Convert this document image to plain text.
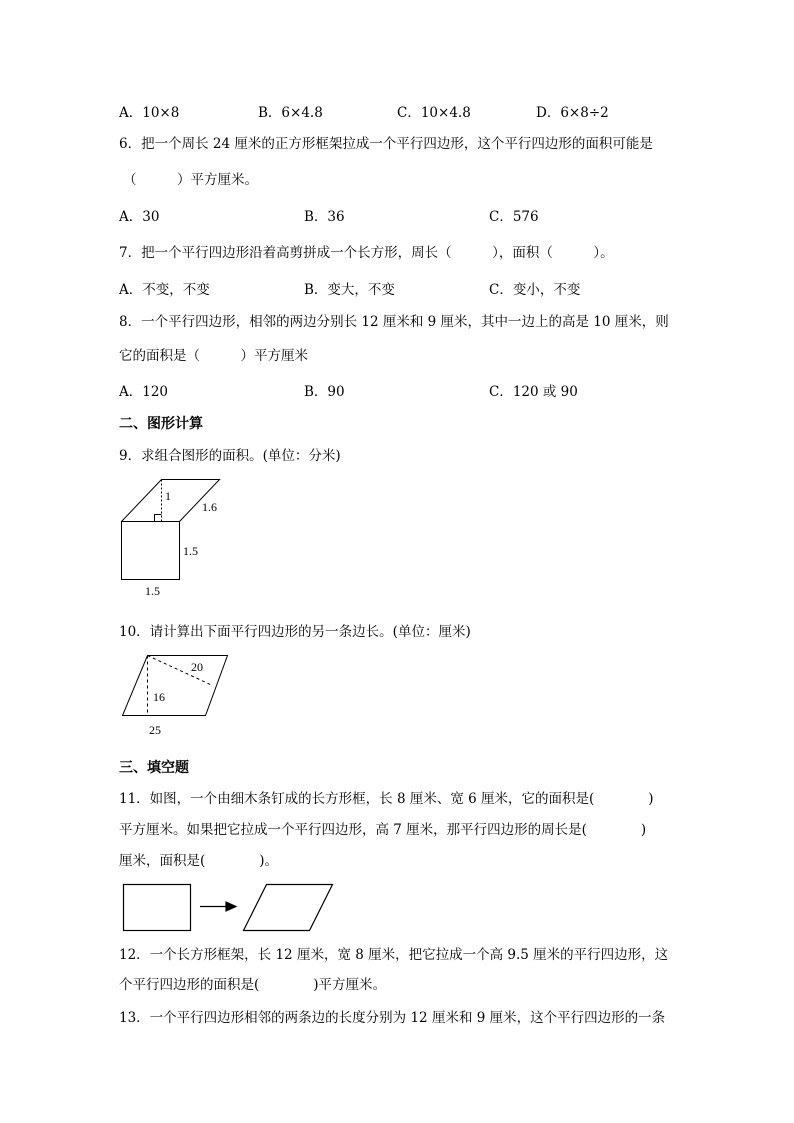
A．10×8	B．6×4.8	C．10×4.8	D．6×8÷2
6．把一个周长 24 厘米的正方形框架拉成一个平行四边形，这个平行四边形的面积可能是
（　　　）平方厘米。
A．30	B．36	C．576
7．把一个平行四边形沿着高剪拼成一个长方形，周长（　　　），面积（　　　）。
A．不变，不变	B．变大，不变	C．变小，不变
8．一个平行四边形，相邻的两边分别长 12 厘米和 9 厘米，其中一边上的高是 10 厘米，则
它的面积是（　　　）平方厘米
A．120	B．90	C．120 或 90
二、图形计算
9．求组合图形的面积。(单位：分米)
1
1.6
1.5
1.5
10．请计算出下面平行四边形的另一条边长。(单位：厘米)
20
16
25
三、填空题
11．如图，一个由细木条钉成的长方形框，长 8 厘米、宽 6 厘米，它的面积是(　　　　)
平方厘米。如果把它拉成一个平行四边形，高 7 厘米，那平行四边形的周长是(　　　　)
厘米，面积是(　　　　)。
12．一个长方形框架，长 12 厘米，宽 8 厘米，把它拉成一个高 9.5 厘米的平行四边形，这
个平行四边形的面积是(　　　　)平方厘米。
13．一个平行四边形相邻的两条边的长度分别为 12 厘米和 9 厘米，这个平行四边形的一条
